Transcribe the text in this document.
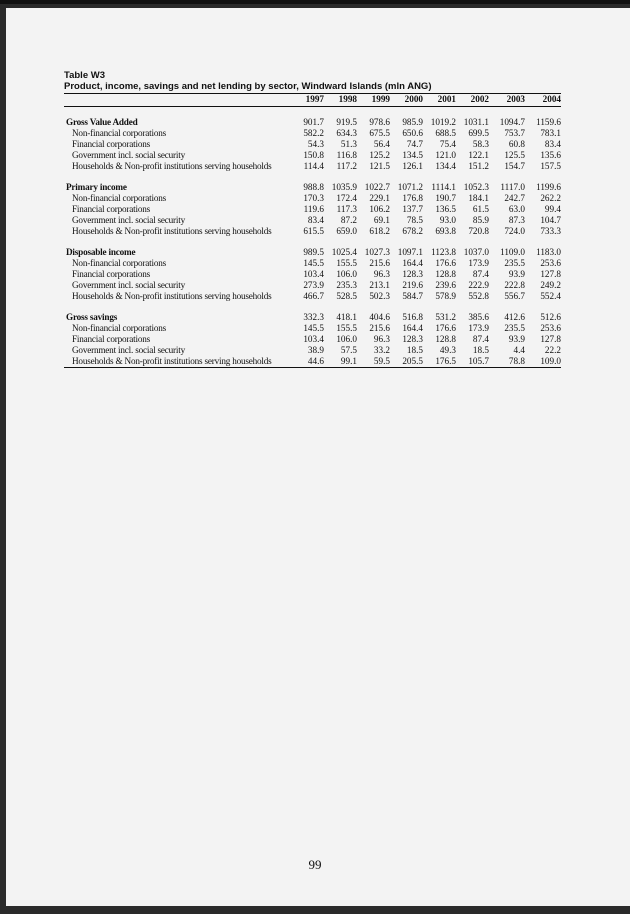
Table W3
Product, income, savings and net lending by sector, Windward Islands (mln ANG)
1997	1998	1999	2000	2001	2002	2003	2004
Gross Value Added	901.7	919.5	978.6	985.9 1019.2 1031.1	1094.7	1159.6
Non-financial corporations	582.2	634.3	675.5	650.6	688.5	699.5	753.7	783.1
Financial corporations	54.3	51.3	56.4	74.7	75.4	58.3	60.8	83.4
Government incl. social security	150.8	116.8	125.2	134.5	121.0	122.1	125.5	135.6
Households & Non-profit institutions serving households	114.4	117.2	121.5	126.1	134.4	151.2	154.7	157.5
Primary income	988.8 1035.9 1022.7 1071.2 1114.1 1052.3	1117.0	1199.6
Non-financial corporations	170.3	172.4	229.1	176.8	190.7	184.1	242.7	262.2
Financial corporations	119.6	117.3	106.2	137.7	136.5	61.5	63.0	99.4
Government incl. social security	83.4	87.2	69.1	78.5	93.0	85.9	87.3	104.7
Households & Non-profit institutions serving households	615.5	659.0	618.2	678.2	693.8	720.8	724.0	733.3
Disposable income	989.5 1025.4 1027.3 1097.1 1123.8 1037.0	1109.0	1183.0
Non-financial corporations	145.5	155.5	215.6	164.4	176.6	173.9	235.5	253.6
Financial corporations	103.4	106.0	96.3	128.3	128.8	87.4	93.9	127.8
Government incl. social security	273.9	235.3	213.1	219.6	239.6	222.9	222.8	249.2
Households & Non-profit institutions serving households	466.7	528.5	502.3	584.7	578.9	552.8	556.7	552.4
Gross savings	332.3	418.1	404.6	516.8	531.2	385.6	412.6	512.6
Non-financial corporations	145.5	155.5	215.6	164.4	176.6	173.9	235.5	253.6
Financial corporations	103.4	106.0	96.3	128.3	128.8	87.4	93.9	127.8
Government incl. social security	38.9	57.5	33.2	18.5	49.3	18.5	4.4	22.2
Households & Non-profit institutions serving households	44.6	99.1	59.5	205.5	176.5	105.7	78.8	109.0
99
